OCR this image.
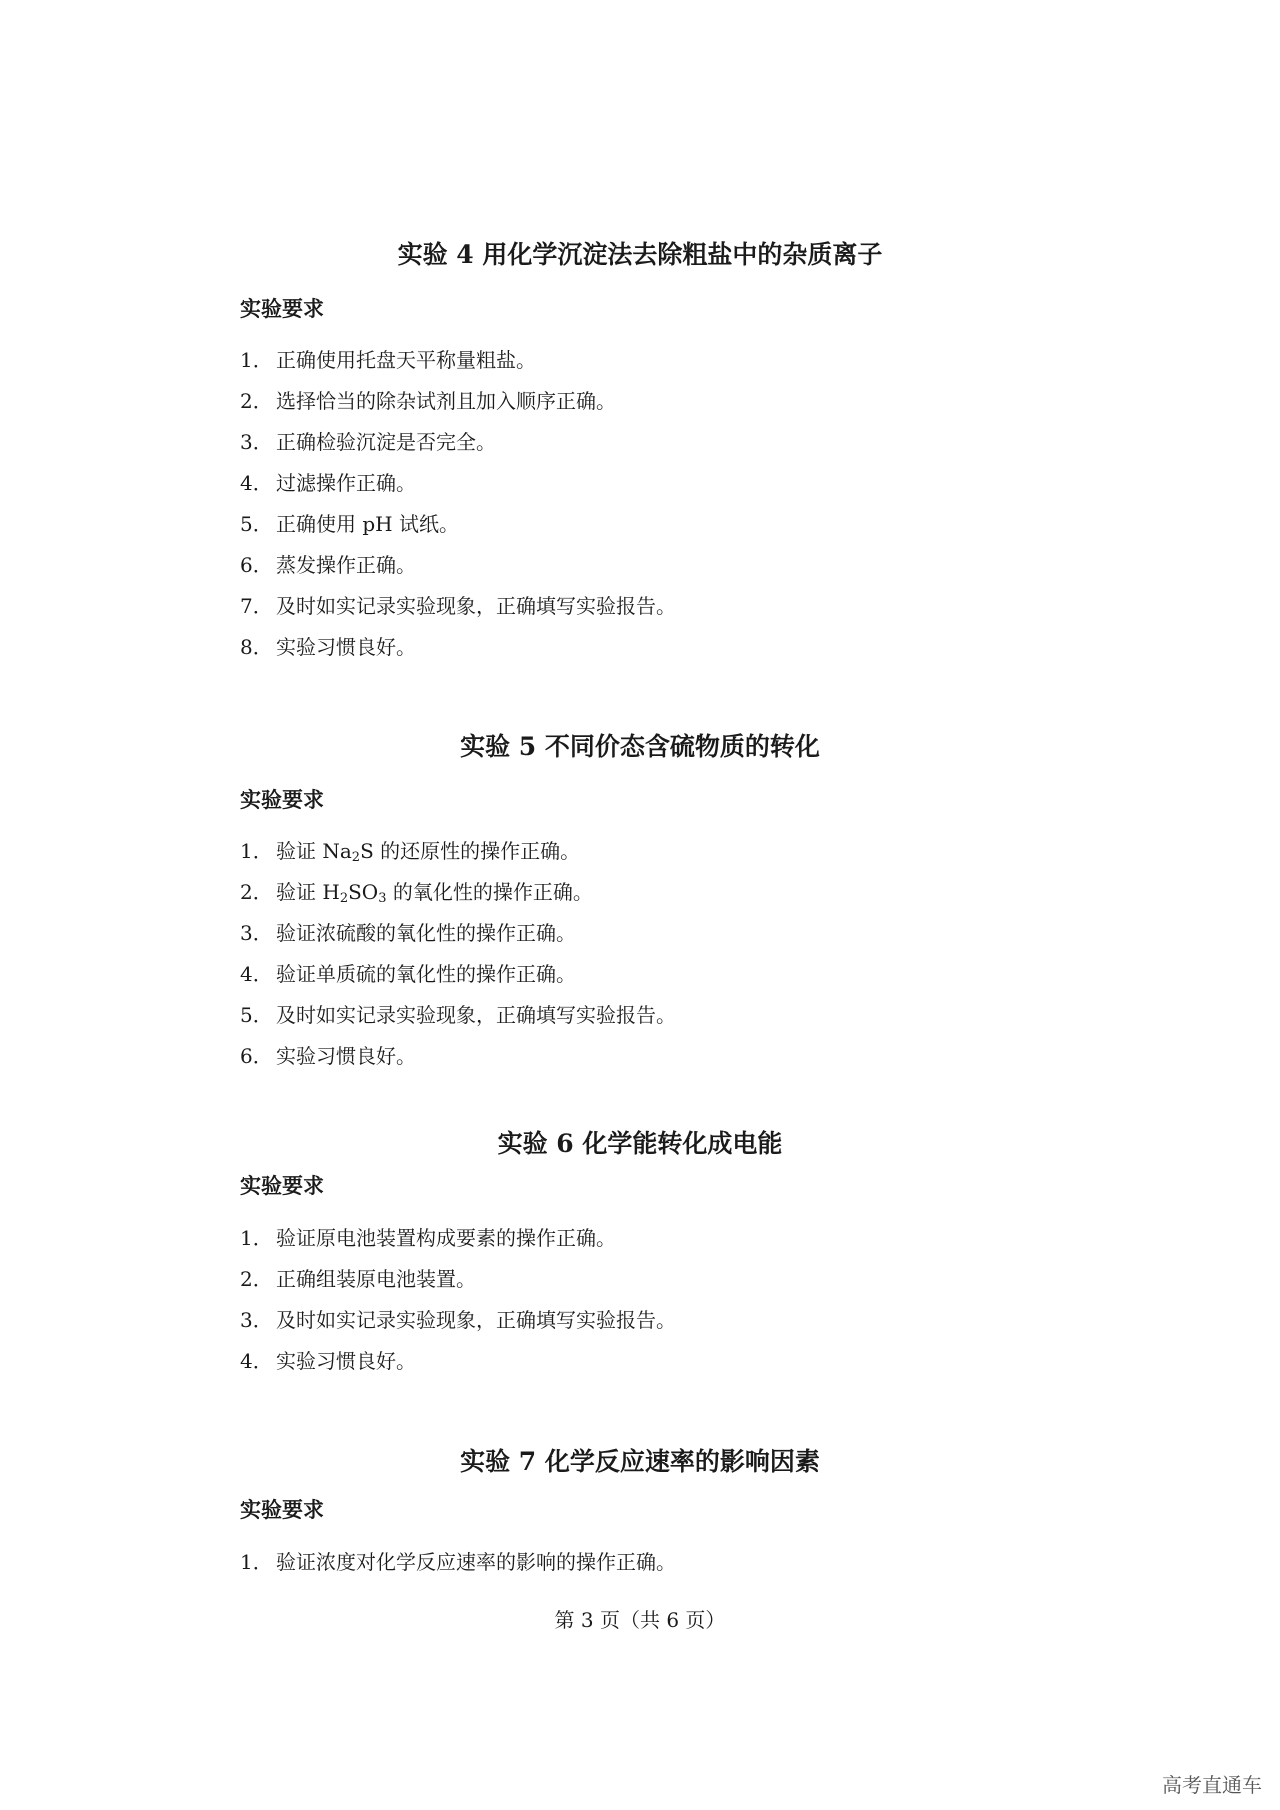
实验 4 用化学沉淀法去除粗盐中的杂质离子
实验要求
1． 正确使用托盘天平称量粗盐。
2． 选择恰当的除杂试剂且加入顺序正确。
3． 正确检验沉淀是否完全。
4． 过滤操作正确。
5． 正确使用 pH 试纸。
6． 蒸发操作正确。
7． 及时如实记录实验现象，正确填写实验报告。
8． 实验习惯良好。
实验 5 不同价态含硫物质的转化
实验要求
1． 验证 $Na_2S$ 的还原性的操作正确。
2． 验证 $H_2SO_3$ 的氧化性的操作正确。
3． 验证浓硫酸的氧化性的操作正确。
4． 验证单质硫的氧化性的操作正确。
5． 及时如实记录实验现象，正确填写实验报告。
6． 实验习惯良好。
实验 6 化学能转化成电能
实验要求
1． 验证原电池装置构成要素的操作正确。
2． 正确组装原电池装置。
3． 及时如实记录实验现象，正确填写实验报告。
4． 实验习惯良好。
实验 7 化学反应速率的影响因素
实验要求
1． 验证浓度对化学反应速率的影响的操作正确。
第 3 页（共 6 页）
高考直通车
